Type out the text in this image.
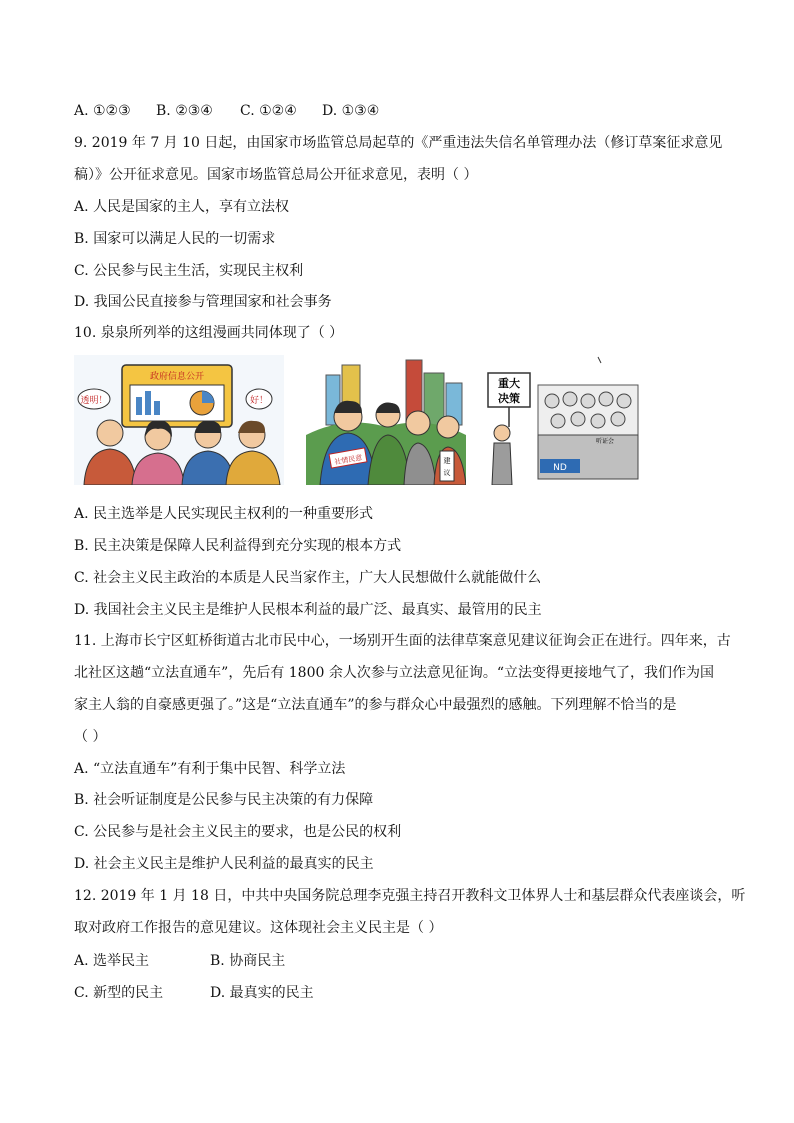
A. ①②③ B. ②③④ C. ①②④ D. ①③④
9. 2019 年 7 月 10 日起，由国家市场监管总局起草的《严重违法失信名单管理办法（修订草案征求意见
稿）》公开征求意见。国家市场监管总局公开征求意见，表明（ ）
A. 人民是国家的主人，享有立法权
B. 国家可以满足人民的一切需求
C. 公民参与民主生活，实现民主权利
D. 我国公民直接参与管理国家和社会事务
10. 泉泉所列举的这组漫画共同体现了（ ）
政府信息公开
透明！	好！
社情民意	建
议
重大
决策
ND
听证会
A. 民主选举是人民实现民主权利的一种重要形式
B. 民主决策是保障人民利益得到充分实现的根本方式
C. 社会主义民主政治的本质是人民当家作主，广大人民想做什么就能做什么
D. 我国社会主义民主是维护人民根本利益的最广泛、最真实、最管用的民主
11. 上海市长宁区虹桥街道古北市民中心，一场别开生面的法律草案意见建议征询会正在进行。四年来，古
北社区这趟“立法直通车”，先后有 1800 余人次参与立法意见征询。“立法变得更接地气了，我们作为国
家主人翁的自豪感更强了。”这是“立法直通车”的参与群众心中最强烈的感触。下列理解不恰当的是
（ ）
A. “立法直通车”有利于集中民智、科学立法
B. 社会听证制度是公民参与民主决策的有力保障
C. 公民参与是社会主义民主的要求，也是公民的权利
D. 社会主义民主是维护人民利益的最真实的民主
12. 2019 年 1 月 18 日，中共中央国务院总理李克强主持召开教科文卫体界人士和基层群众代表座谈会，听
取对政府工作报告的意见建议。这体现社会主义民主是（ ）
A. 选举民主	B. 协商民主
C. 新型的民主	D. 最真实的民主
